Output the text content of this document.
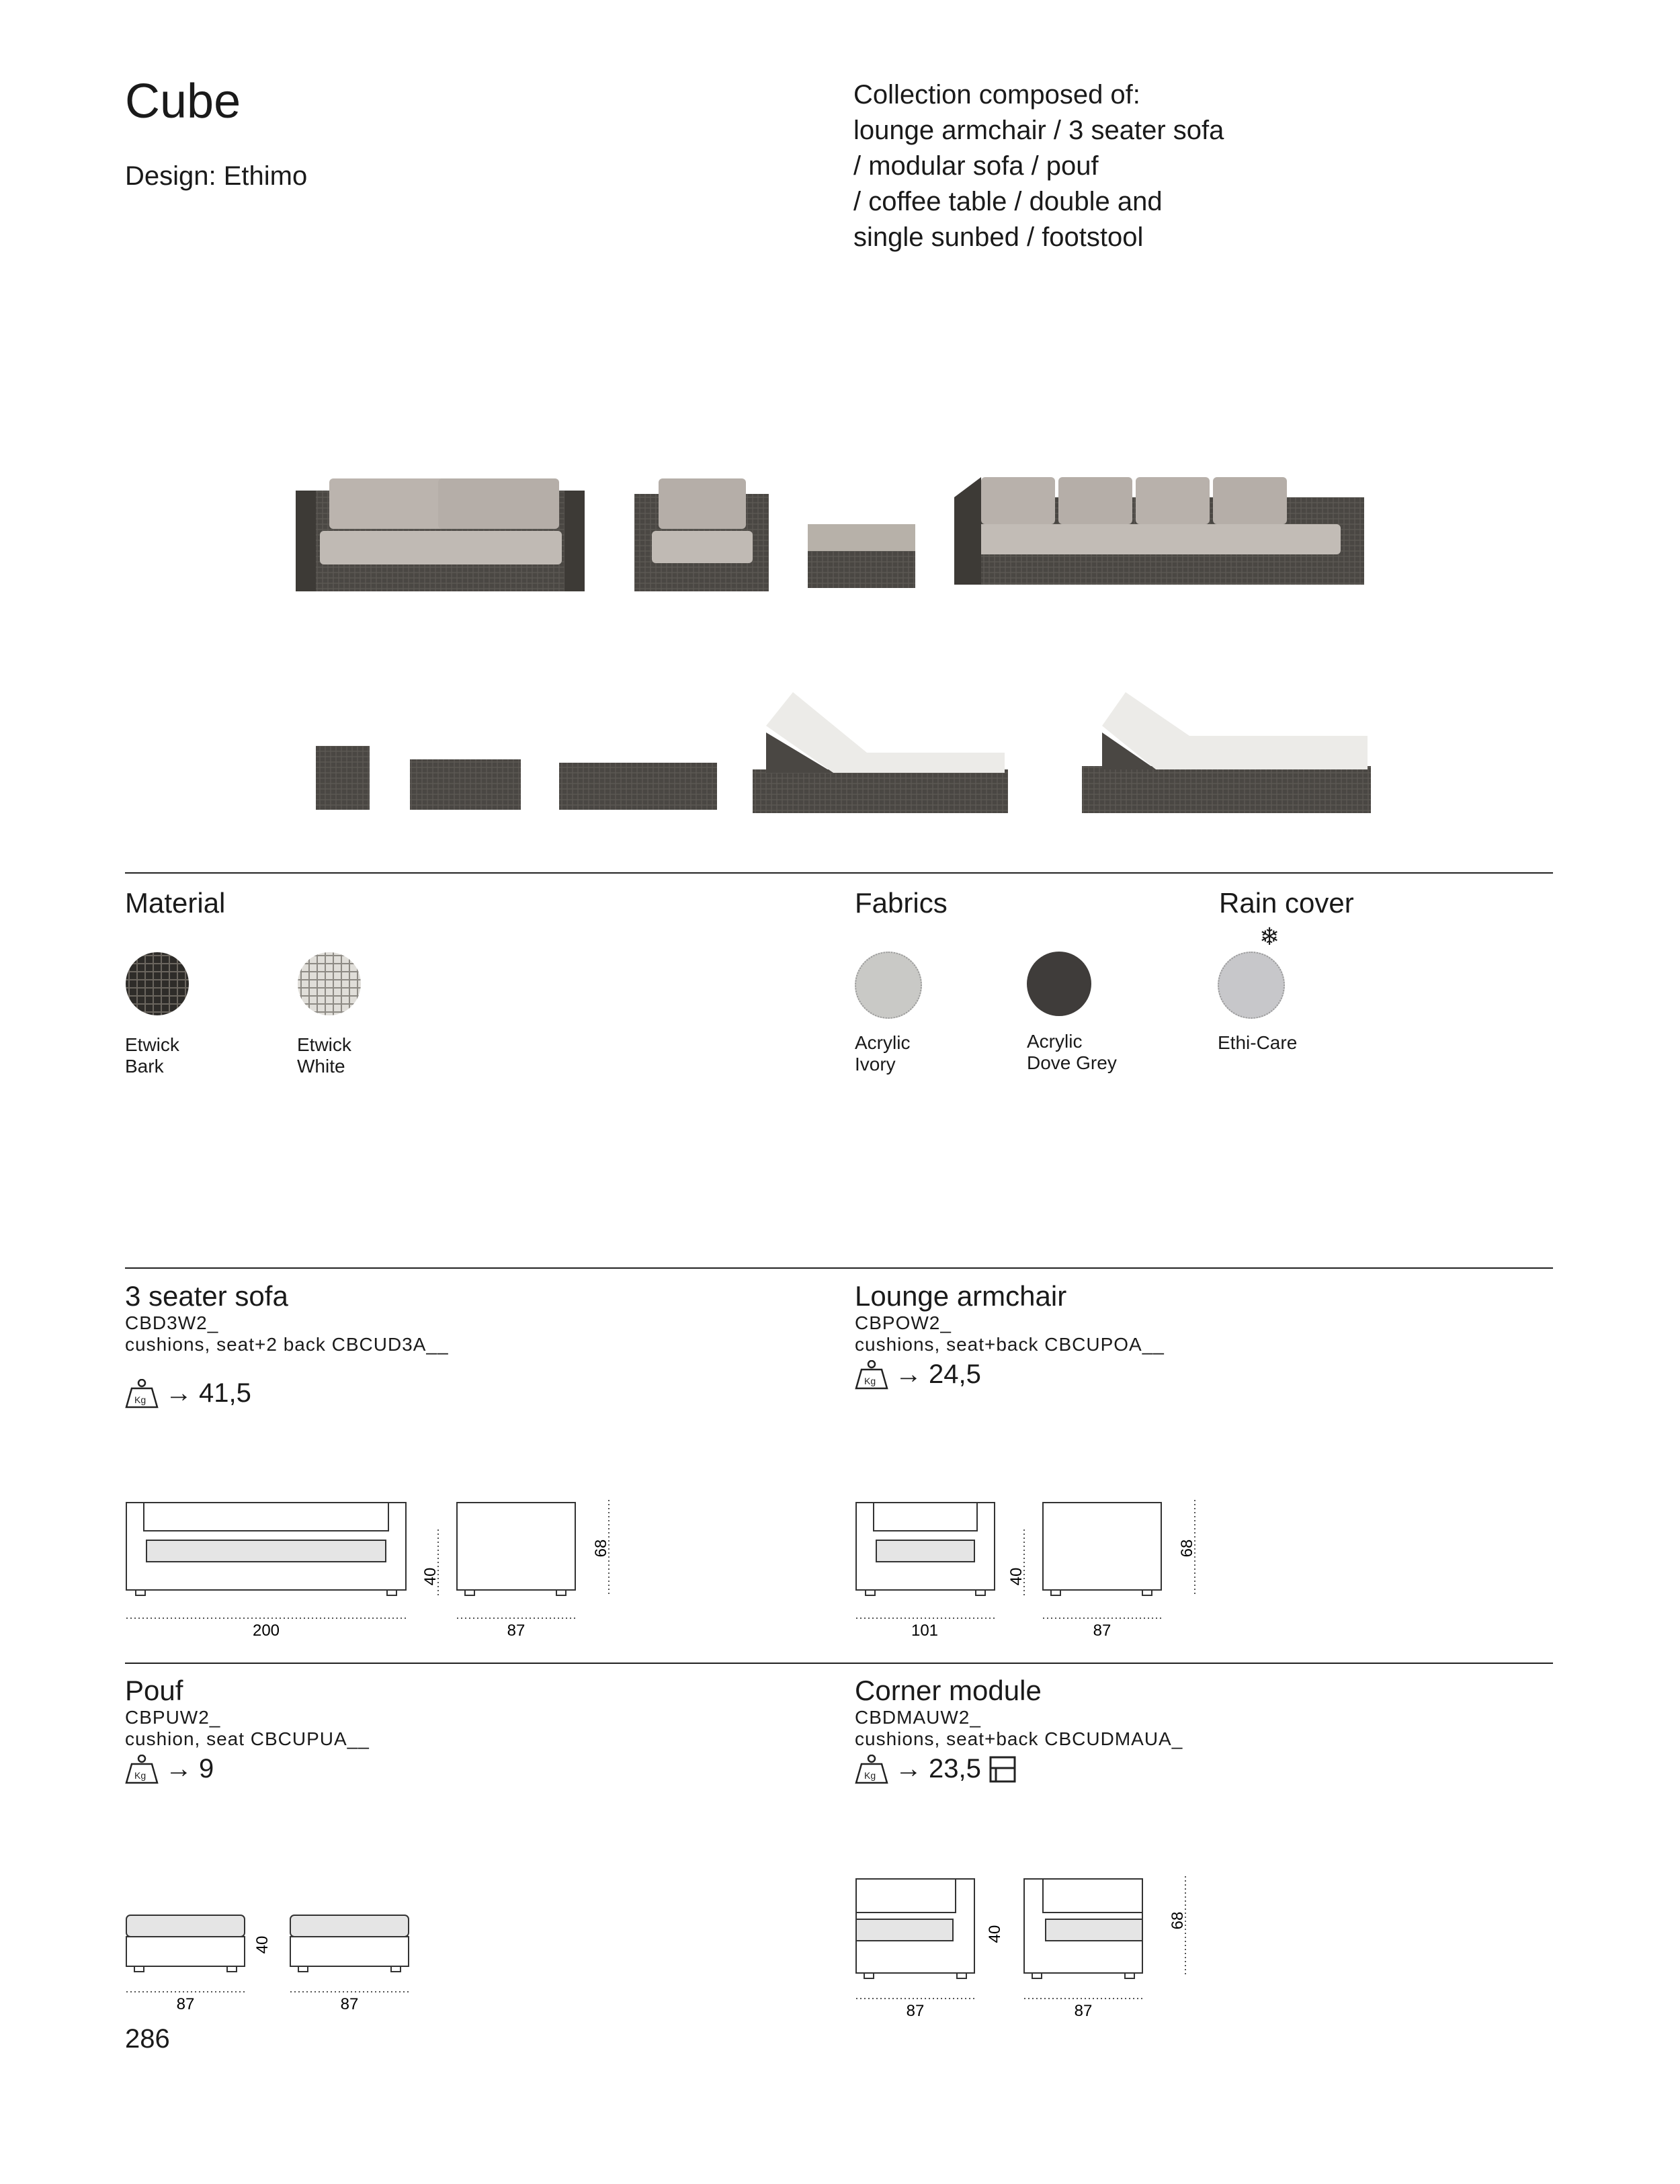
Cube
Design: Ethimo
Collection composed of:
lounge armchair / 3 seater sofa
/ modular sofa / pouf
/ coffee table / double and
single sunbed / footstool
Material	Fabrics	Rain cover
Etwick
Bark
Etwick
White
Acrylic
Ivory
Acrylic
Dove Grey
❄
Ethi-Care
3 seater sofa
CBD3W2_
cushions, seat+2 back CBCUD3A__
Kg → 41,5
200
40
87
68
Lounge armchair
CBPOW2_
cushions, seat+back CBCUPOA__
Kg → 24,5
101
40
87
68
Pouf
CBPUW2_
cushion, seat CBCUPUA__
Kg → 9
87
40
87
Corner module
CBDMAUW2_
cushions, seat+back CBCUDMAUA_
Kg → 23,5
87
40
87
68
286
